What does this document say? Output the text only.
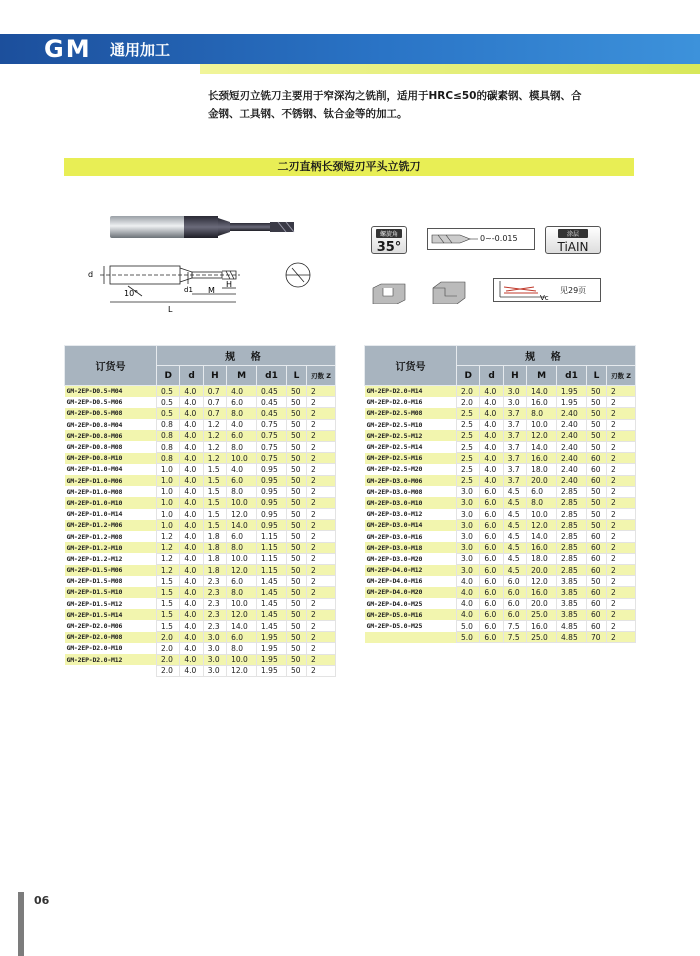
GM 通用加工
长颈短刃立铣刀主要用于窄深沟之铣削，适用于HRC≤50的碳素钢、模具钢、合
金钢、工具钢、不锈钢、钛合金等的加工。
二刃直柄长颈短刃平头立铣刀
d
d1
H
M
L
10°
螺旋角
35°
0~-0.015	涂层
TiAIN
Vc
见29页
订货号	规 格						
	D	d	H	M	d1	L	刃数 Z
GM-2EP-D0.5-M04	0.5	4.0	0.7	4.0	0.45	50	2
GM-2EP-D0.5-M06	0.5	4.0	0.7	6.0	0.45	50	2
GM-2EP-D0.5-M08	0.5	4.0	0.7	8.0	0.45	50	2
GM-2EP-D0.8-M04	0.8	4.0	1.2	4.0	0.75	50	2
GM-2EP-D0.8-M06	0.8	4.0	1.2	6.0	0.75	50	2
GM-2EP-D0.8-M08	0.8	4.0	1.2	8.0	0.75	50	2
GM-2EP-D0.8-M10	0.8	4.0	1.2	10.0	0.75	50	2
GM-2EP-D1.0-M04	1.0	4.0	1.5	4.0	0.95	50	2
GM-2EP-D1.0-M06	1.0	4.0	1.5	6.0	0.95	50	2
GM-2EP-D1.0-M08	1.0	4.0	1.5	8.0	0.95	50	2
GM-2EP-D1.0-M10	1.0	4.0	1.5	10.0	0.95	50	2
GM-2EP-D1.0-M14	1.0	4.0	1.5	12.0	0.95	50	2
GM-2EP-D1.2-M06	1.0	4.0	1.5	14.0	0.95	50	2
GM-2EP-D1.2-M08	1.2	4.0	1.8	6.0	1.15	50	2
GM-2EP-D1.2-M10	1.2	4.0	1.8	8.0	1.15	50	2
GM-2EP-D1.2-M12	1.2	4.0	1.8	10.0	1.15	50	2
GM-2EP-D1.5-M06	1.2	4.0	1.8	12.0	1.15	50	2
GM-2EP-D1.5-M08	1.5	4.0	2.3	6.0	1.45	50	2
GM-2EP-D1.5-M10	1.5	4.0	2.3	8.0	1.45	50	2
GM-2EP-D1.5-M12	1.5	4.0	2.3	10.0	1.45	50	2
GM-2EP-D1.5-M14	1.5	4.0	2.3	12.0	1.45	50	2
GM-2EP-D2.0-M06	1.5	4.0	2.3	14.0	1.45	50	2
GM-2EP-D2.0-M08	2.0	4.0	3.0	6.0	1.95	50	2
GM-2EP-D2.0-M10	2.0	4.0	3.0	8.0	1.95	50	2
GM-2EP-D2.0-M12	2.0	4.0	3.0	10.0	1.95	50	2
	2.0	4.0	3.0	12.0	1.95	50	2
订货号	规 格						
	D	d	H	M	d1	L	刃数 Z
GM-2EP-D2.0-M14	2.0	4.0	3.0	14.0	1.95	50	2
GM-2EP-D2.0-M16	2.0	4.0	3.0	16.0	1.95	50	2
GM-2EP-D2.5-M08	2.5	4.0	3.7	8.0	2.40	50	2
GM-2EP-D2.5-M10	2.5	4.0	3.7	10.0	2.40	50	2
GM-2EP-D2.5-M12	2.5	4.0	3.7	12.0	2.40	50	2
GM-2EP-D2.5-M14	2.5	4.0	3.7	14.0	2.40	50	2
GM-2EP-D2.5-M16	2.5	4.0	3.7	16.0	2.40	60	2
GM-2EP-D2.5-M20	2.5	4.0	3.7	18.0	2.40	60	2
GM-2EP-D3.0-M06	2.5	4.0	3.7	20.0	2.40	60	2
GM-2EP-D3.0-M08	3.0	6.0	4.5	6.0	2.85	50	2
GM-2EP-D3.0-M10	3.0	6.0	4.5	8.0	2.85	50	2
GM-2EP-D3.0-M12	3.0	6.0	4.5	10.0	2.85	50	2
GM-2EP-D3.0-M14	3.0	6.0	4.5	12.0	2.85	50	2
GM-2EP-D3.0-M16	3.0	6.0	4.5	14.0	2.85	60	2
GM-2EP-D3.0-M18	3.0	6.0	4.5	16.0	2.85	60	2
GM-2EP-D3.0-M20	3.0	6.0	4.5	18.0	2.85	60	2
GM-2EP-D4.0-M12	3.0	6.0	4.5	20.0	2.85	60	2
GM-2EP-D4.0-M16	4.0	6.0	6.0	12.0	3.85	50	2
GM-2EP-D4.0-M20	4.0	6.0	6.0	16.0	3.85	60	2
GM-2EP-D4.0-M25	4.0	6.0	6.0	20.0	3.85	60	2
GM-2EP-D5.0-M16	4.0	6.0	6.0	25.0	3.85	60	2
GM-2EP-D5.0-M25	5.0	6.0	7.5	16.0	4.85	60	2
	5.0	6.0	7.5	25.0	4.85	70	2
06
